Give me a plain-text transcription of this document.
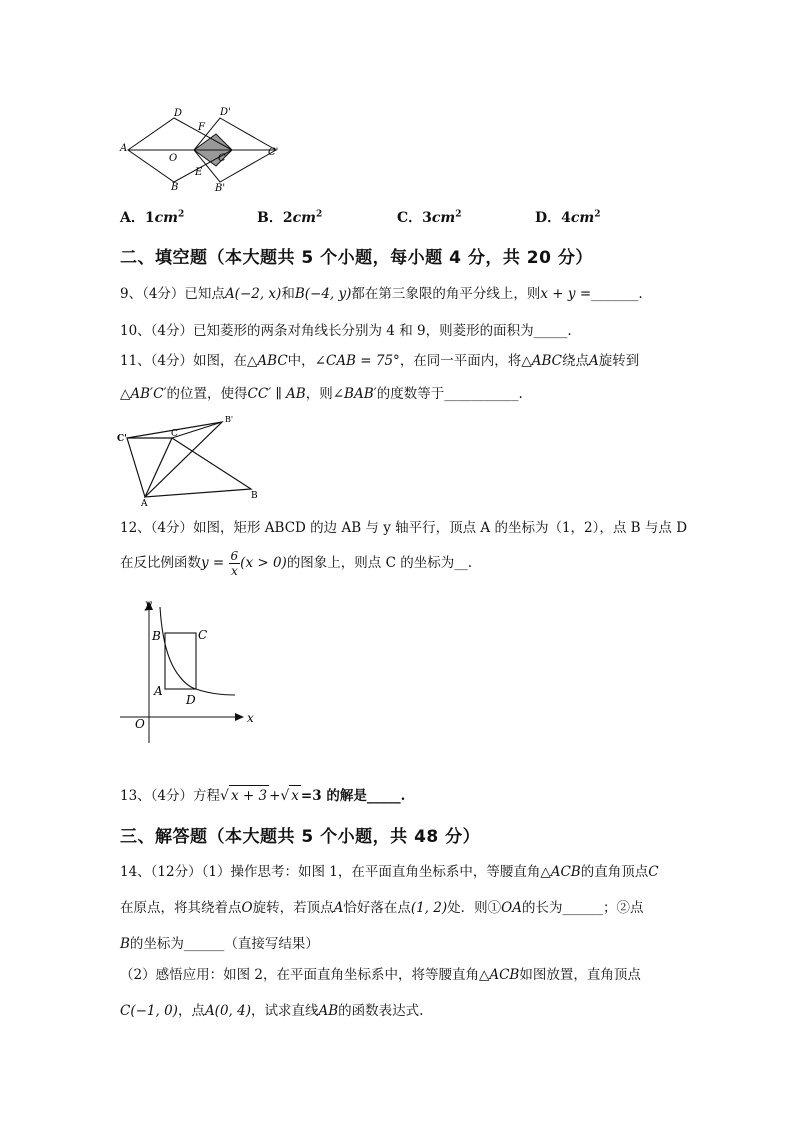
D	D'
F
A
O	C
C'
B
E
B'
A．$1cm^2$	B．$2cm^2$	C．$3cm^2$	D．$4cm^2$
二、填空题（本大题共 5 个小题，每小题 4 分，共 20 分）
9、（4分）已知点A(−2, x)和B(−4, y)都在第三象限的角平分线上，则x + y =_______.
10、（4分）已知菱形的两条对角线长分别为 4 和 9，则菱形的面积为_____.
11、（4分）如图，在△ABC中，∠CAB = 75°，在同一平面内，将△ABC绕点A旋转到
△AB′C′的位置，使得CC′ ∥ AB，则∠BAB′的度数等于___________.
C'	C
B'
A
B
12、（4分）如图，矩形 ABCD 的边 AB 与 y 轴平行，顶点 A 的坐标为（1，2），点 B 与点 D
在反比例函数$y = \frac{6}{x} (x > 0)$的图象上，则点 C 的坐标为__.
y
B	C
A
D
O	x
13、（4分）方程√ x + 3 +√ x =3 的解是_____.
三、解答题（本大题共 5 个小题，共 48 分）
14、（12分）（1）操作思考：如图 1，在平面直角坐标系中，等腰直角△ACB的直角顶点C
在原点，将其绕着点O旋转，若顶点A恰好落在点(1, 2)处．则①OA的长为______；②点
B的坐标为______（直接写结果）
（2）感悟应用：如图 2，在平面直角坐标系中，将等腰直角△ACB如图放置，直角顶点
C(−1, 0)，点A(0, 4)，试求直线AB的函数表达式.
